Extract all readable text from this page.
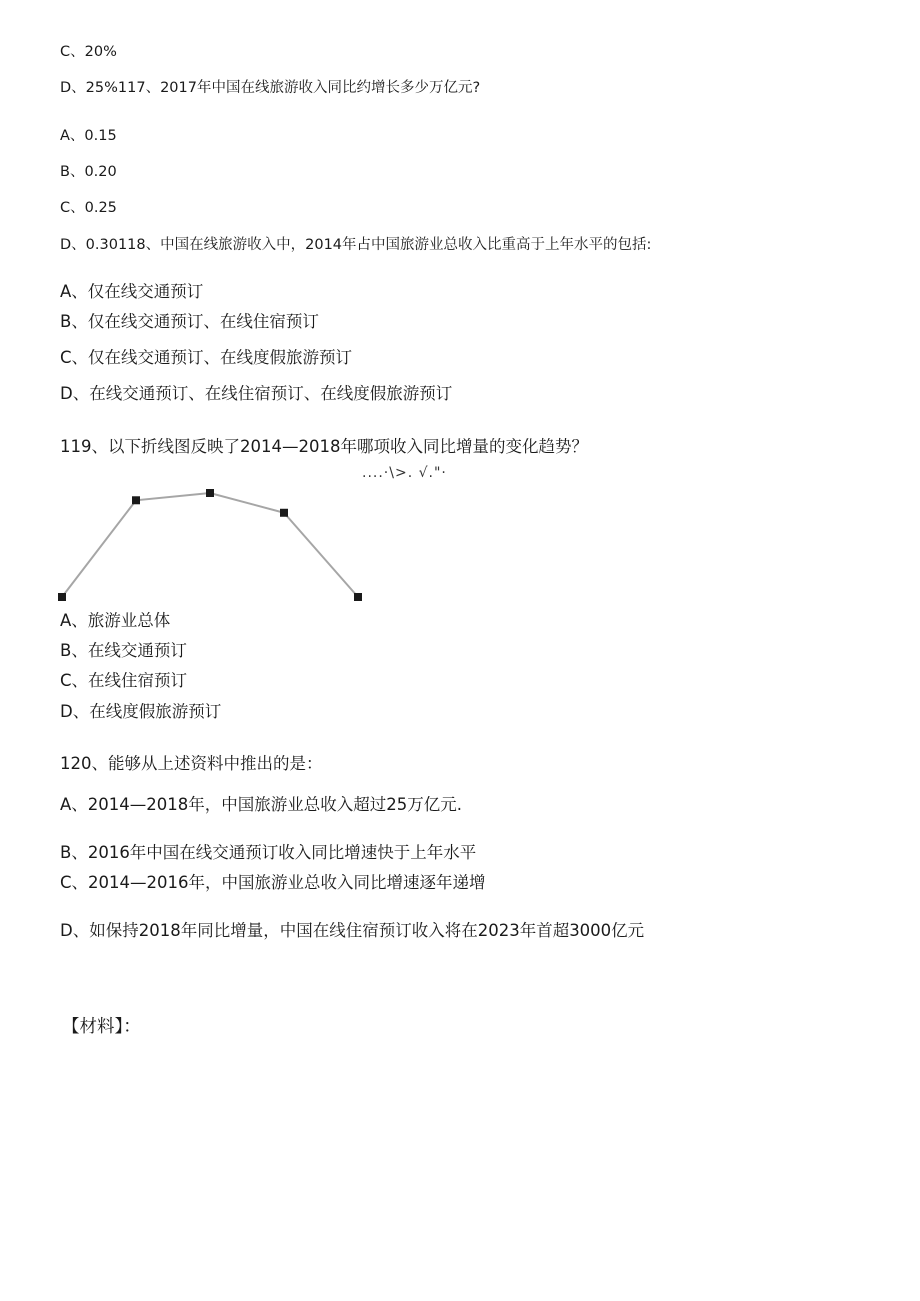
C、20%
D、25%117、2017年中国在线旅游收入同比约增长多少万亿元?
A、0.15
B、0.20
C、0.25
D、0.30118、中国在线旅游收入中，2014年占中国旅游业总收入比重高于上年水平的包括:
A、仅在线交通预订
B、仅在线交通预订、在线住宿预订
C、仅在线交通预订、在线度假旅游预订
D、在线交通预订、在线住宿预订、在线度假旅游预订
119、以下折线图反映了2014—2018年哪项收入同比增量的变化趋势？
....·\>. √."·
A、旅游业总体
B、在线交通预订
C、在线住宿预订
D、在线度假旅游预订
120、能够从上述资料中推出的是：
A、2014—2018年，中国旅游业总收入超过25万亿元.
B、2016年中国在线交通预订收入同比增速快于上年水平
C、2014—2016年，中国旅游业总收入同比增速逐年递增
D、如保持2018年同比增量，中国在线住宿预订收入将在2023年首超3000亿元
【材料】：
